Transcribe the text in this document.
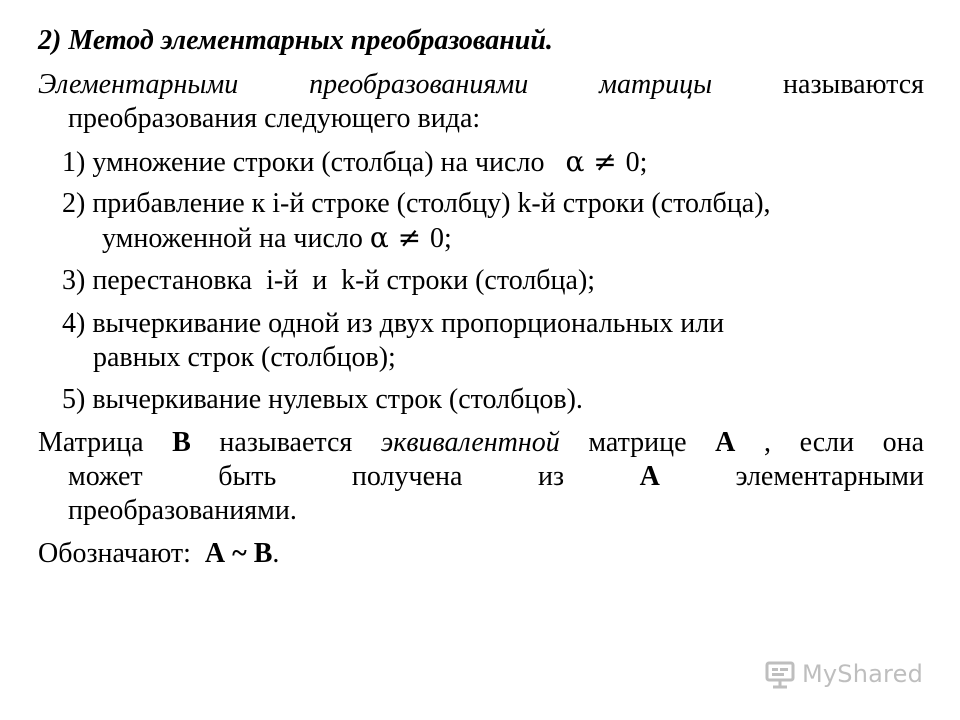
2) Метод элементарных преобразований.
Элементарными	преобразованиями	матрицы	называются
преобразования следующего вида:
1) умножение строки (столбца) на число α ≠ 0;
2) прибавление к i-й строке (столбцу) k-й строки (столбца),
умноженной на число α ≠ 0;
3) перестановка  i-й  и  k-й строки (столбца);
4) вычеркивание одной из двух пропорциональных или
равных строк (столбцов);
5) вычеркивание нулевых строк (столбцов).
Матрица В называется эквивалентной матрице А , если она
может	быть	получена	из	А	элементарными
преобразованиями.
Обозначают: А ~ В.
MyShared
